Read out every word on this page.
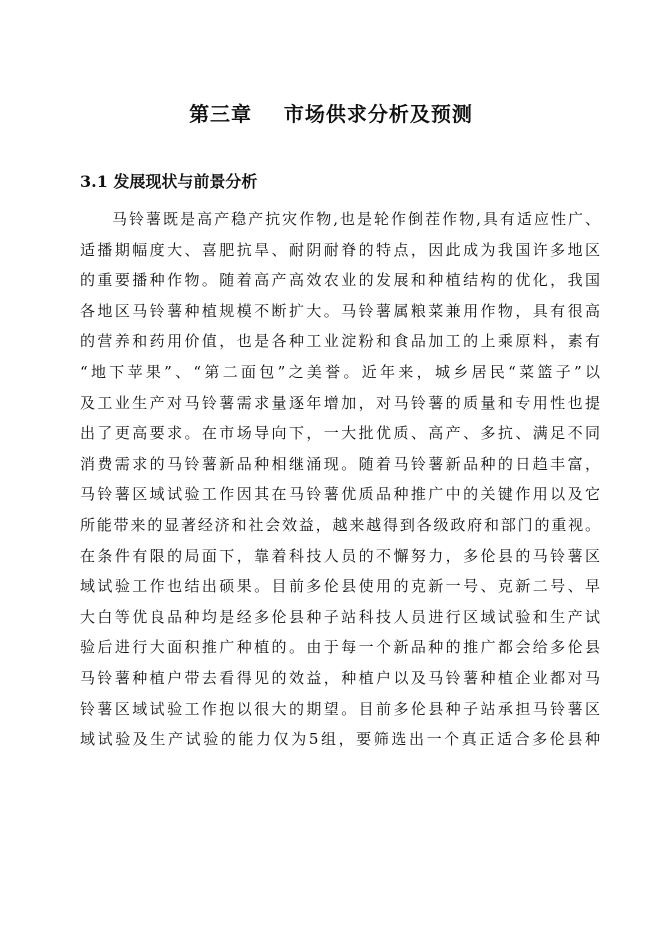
第三章    市场供求分析及预测
3.1 发展现状与前景分析
马铃薯既是高产稳产抗灾作物,也是轮作倒茬作物,具有适应性广、
适播期幅度大、喜肥抗旱、耐阴耐脊的特点，因此成为我国许多地区
的重要播种作物。随着高产高效农业的发展和种植结构的优化，我国
各地区马铃薯种植规模不断扩大。马铃薯属粮菜兼用作物，具有很高
的营养和药用价值，也是各种工业淀粉和食品加工的上乘原料，素有
“地下苹果”、“第二面包”之美誉。近年来，城乡居民“菜篮子”以
及工业生产对马铃薯需求量逐年增加，对马铃薯的质量和专用性也提
出了更高要求。在市场导向下，一大批优质、高产、多抗、满足不同
消费需求的马铃薯新品种相继涌现。随着马铃薯新品种的日趋丰富，
马铃薯区域试验工作因其在马铃薯优质品种推广中的关键作用以及它
所能带来的显著经济和社会效益，越来越得到各级政府和部门的重视。
在条件有限的局面下，靠着科技人员的不懈努力，多伦县的马铃薯区
域试验工作也结出硕果。目前多伦县使用的克新一号、克新二号、早
大白等优良品种均是经多伦县种子站科技人员进行区域试验和生产试
验后进行大面积推广种植的。由于每一个新品种的推广都会给多伦县
马铃薯种植户带去看得见的效益，种植户以及马铃薯种植企业都对马
铃薯区域试验工作抱以很大的期望。目前多伦县种子站承担马铃薯区
域试验及生产试验的能力仅为5组，要筛选出一个真正适合多伦县种
